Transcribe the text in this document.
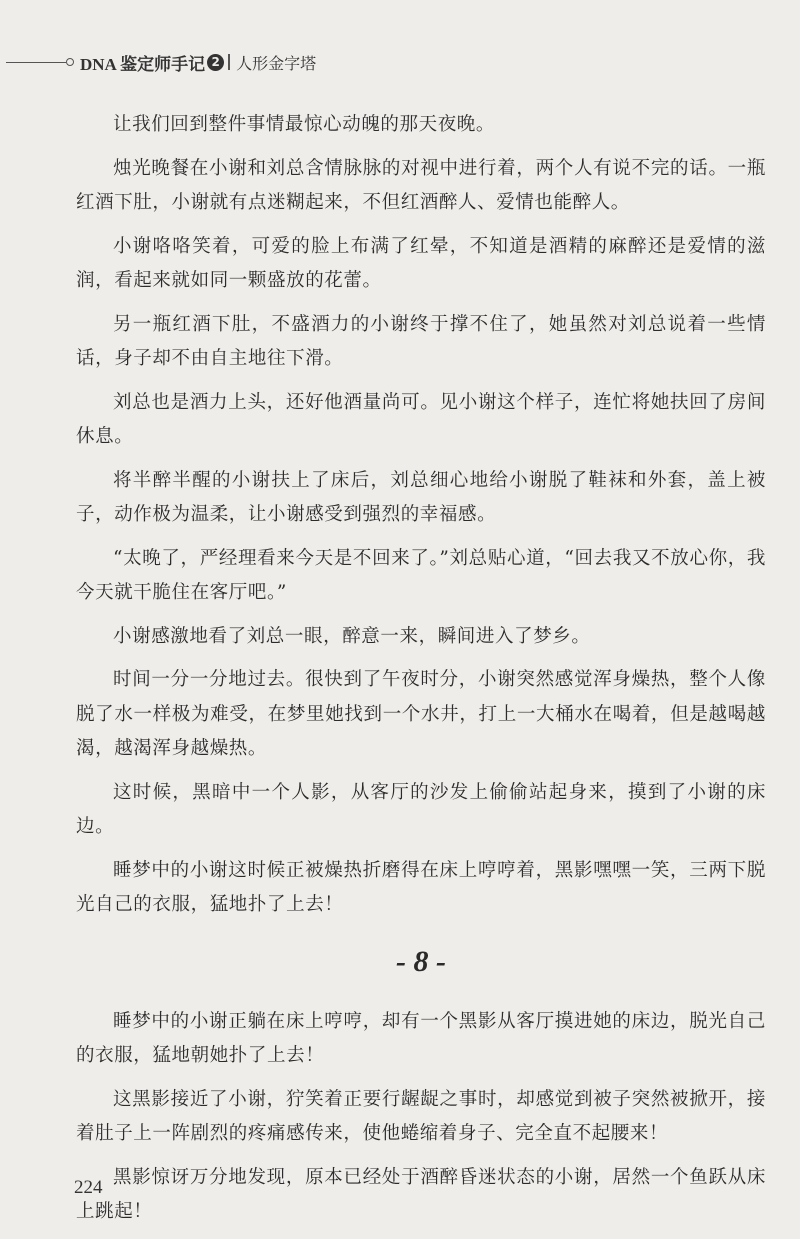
DNA 鉴定师手记 2 人形金字塔

让我们回到整件事情最惊心动魄的那天夜晚。

烛光晚餐在小谢和刘总含情脉脉的对视中进行着，两个人有说不完的话。一瓶红酒下肚，小谢就有点迷糊起来，不但红酒醉人、爱情也能醉人。

小谢咯咯笑着，可爱的脸上布满了红晕，不知道是酒精的麻醉还是爱情的滋润，看起来就如同一颗盛放的花蕾。

另一瓶红酒下肚，不盛酒力的小谢终于撑不住了，她虽然对刘总说着一些情话，身子却不由自主地往下滑。

刘总也是酒力上头，还好他酒量尚可。见小谢这个样子，连忙将她扶回了房间休息。

将半醉半醒的小谢扶上了床后，刘总细心地给小谢脱了鞋袜和外套，盖上被子，动作极为温柔，让小谢感受到强烈的幸福感。

“太晚了，严经理看来今天是不回来了。”刘总贴心道，“回去我又不放心你，我今天就干脆住在客厅吧。”

小谢感激地看了刘总一眼，醉意一来，瞬间进入了梦乡。

时间一分一分地过去。很快到了午夜时分，小谢突然感觉浑身燥热，整个人像脱了水一样极为难受，在梦里她找到一个水井，打上一大桶水在喝着，但是越喝越渴，越渴浑身越燥热。

这时候，黑暗中一个人影，从客厅的沙发上偷偷站起身来，摸到了小谢的床边。

睡梦中的小谢这时候正被燥热折磨得在床上哼哼着，黑影嘿嘿一笑，三两下脱光自己的衣服，猛地扑了上去！

- 8 -

睡梦中的小谢正躺在床上哼哼，却有一个黑影从客厅摸进她的床边，脱光自己的衣服，猛地朝她扑了上去！

这黑影接近了小谢，狞笑着正要行龌龊之事时，却感觉到被子突然被掀开，接着肚子上一阵剧烈的疼痛感传来，使他蜷缩着身子、完全直不起腰来！

黑影惊讶万分地发现，原本已经处于酒醉昏迷状态的小谢，居然一个鱼跃从床上跳起！

224
